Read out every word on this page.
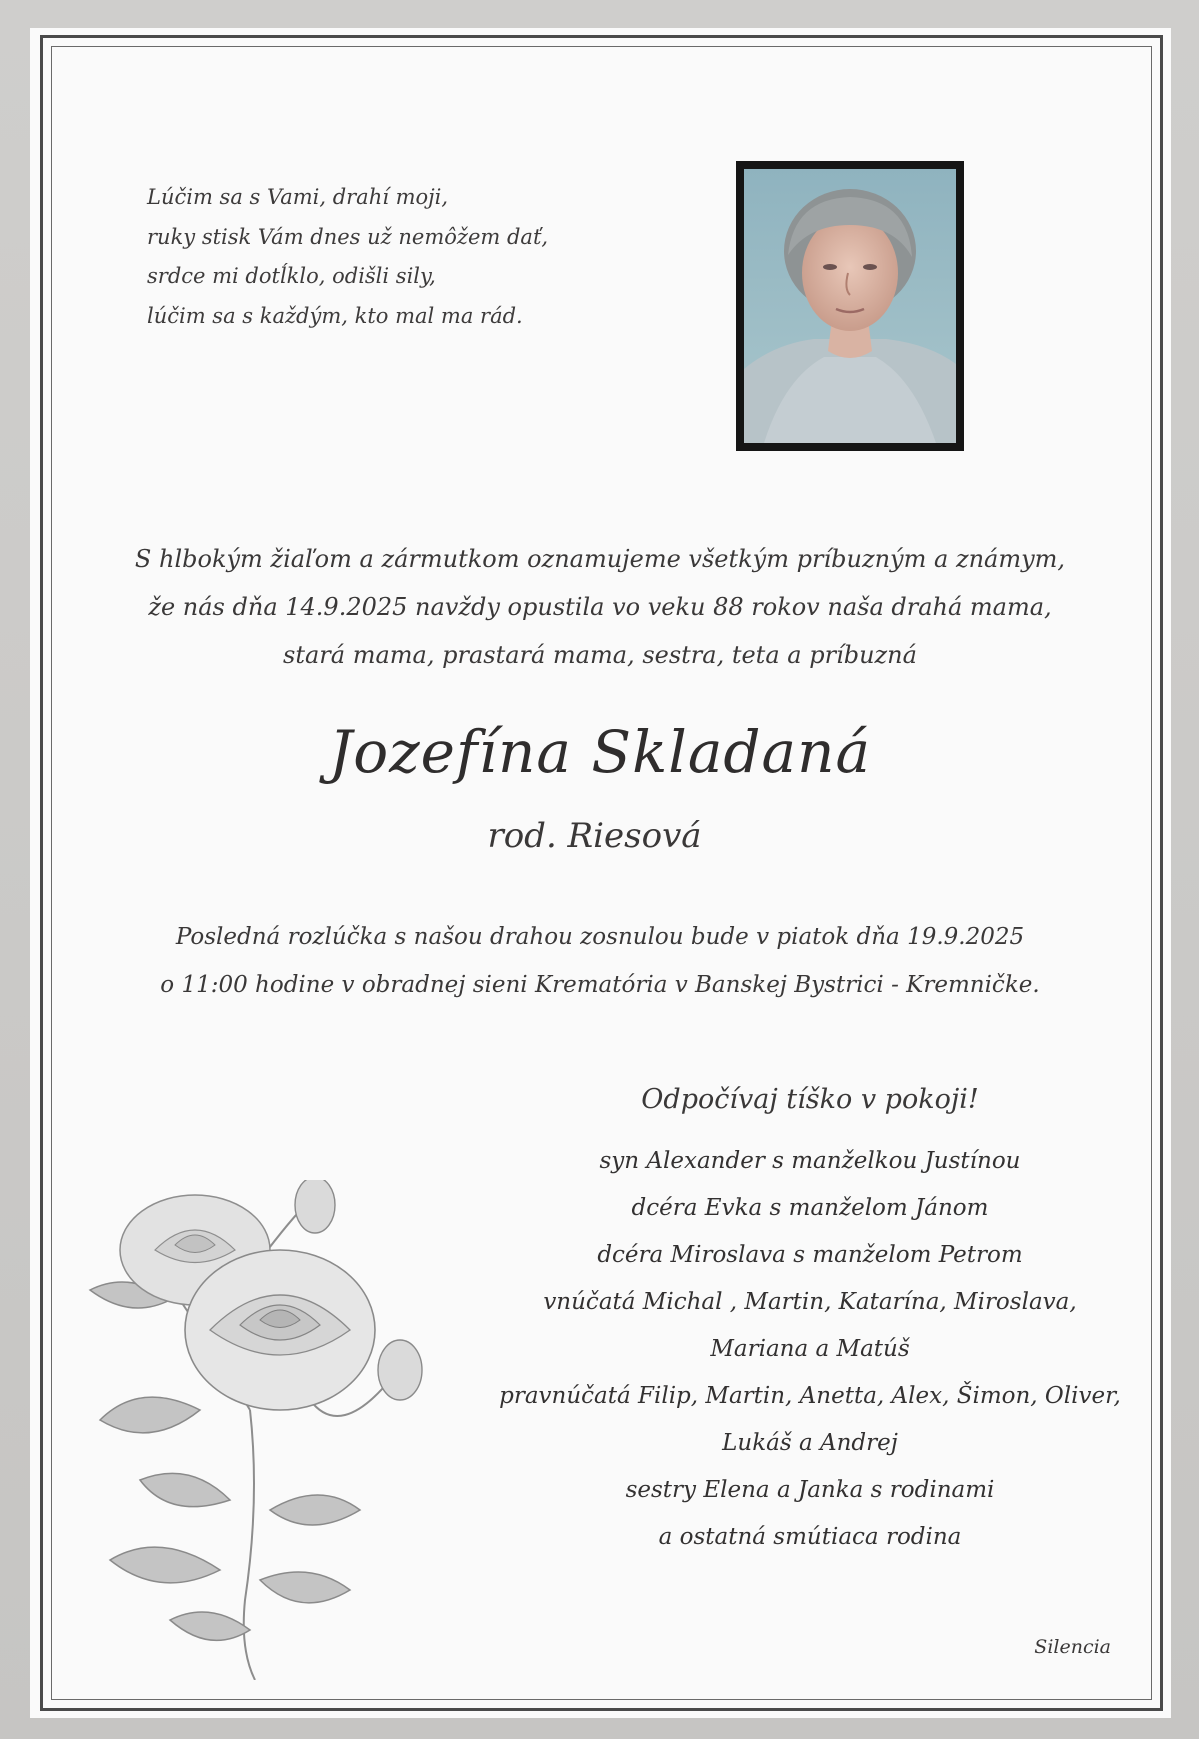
Lúčim sa s Vami, drahí moji,
ruky stisk Vám dnes už nemôžem dať,
srdce mi dotĺklo, odišli sily,
lúčim sa s každým, kto mal ma rád.
S hlbokým žiaľom a zármutkom oznamujeme všetkým príbuzným a známym,
že nás dňa 14.9.2025 navždy opustila vo veku 88 rokov naša drahá mama,
stará mama, prastará mama, sestra, teta a príbuzná
Jozefína Skladaná
rod. Riesová
Posledná rozlúčka s našou drahou zosnulou bude v piatok dňa 19.9.2025
o 11:00 hodine v obradnej sieni Krematória v Banskej Bystrici - Kremničke.
Odpočívaj tíško v pokoji!
syn Alexander s manželkou Justínou
dcéra Evka s manželom Jánom
dcéra Miroslava s manželom Petrom
vnúčatá Michal , Martin, Katarína, Miroslava,
Mariana a Matúš
pravnúčatá Filip, Martin, Anetta, Alex, Šimon, Oliver,
Lukáš a Andrej
sestry Elena a Janka s rodinami
a ostatná smútiaca rodina
Silencia
